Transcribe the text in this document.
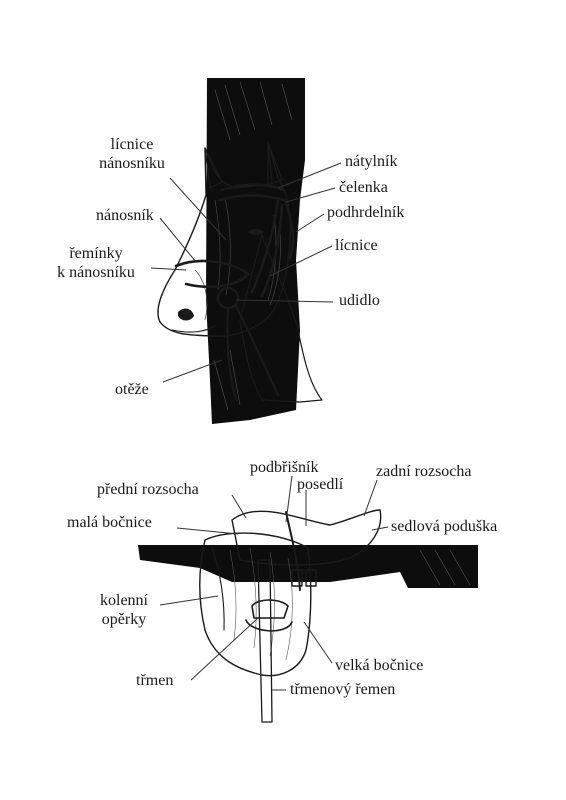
lícnice
nánosníku
nánosník
řemínky
k nánosníku
otěže
nátylník
čelenka
podhrdelník
lícnice
udidlo
podbřišník	zadní rozsocha
přední rozsocha	posedlí
malá bočnice	sedlová poduška
kolenní
opěrky
třmen
velká bočnice
třmenový řemen
